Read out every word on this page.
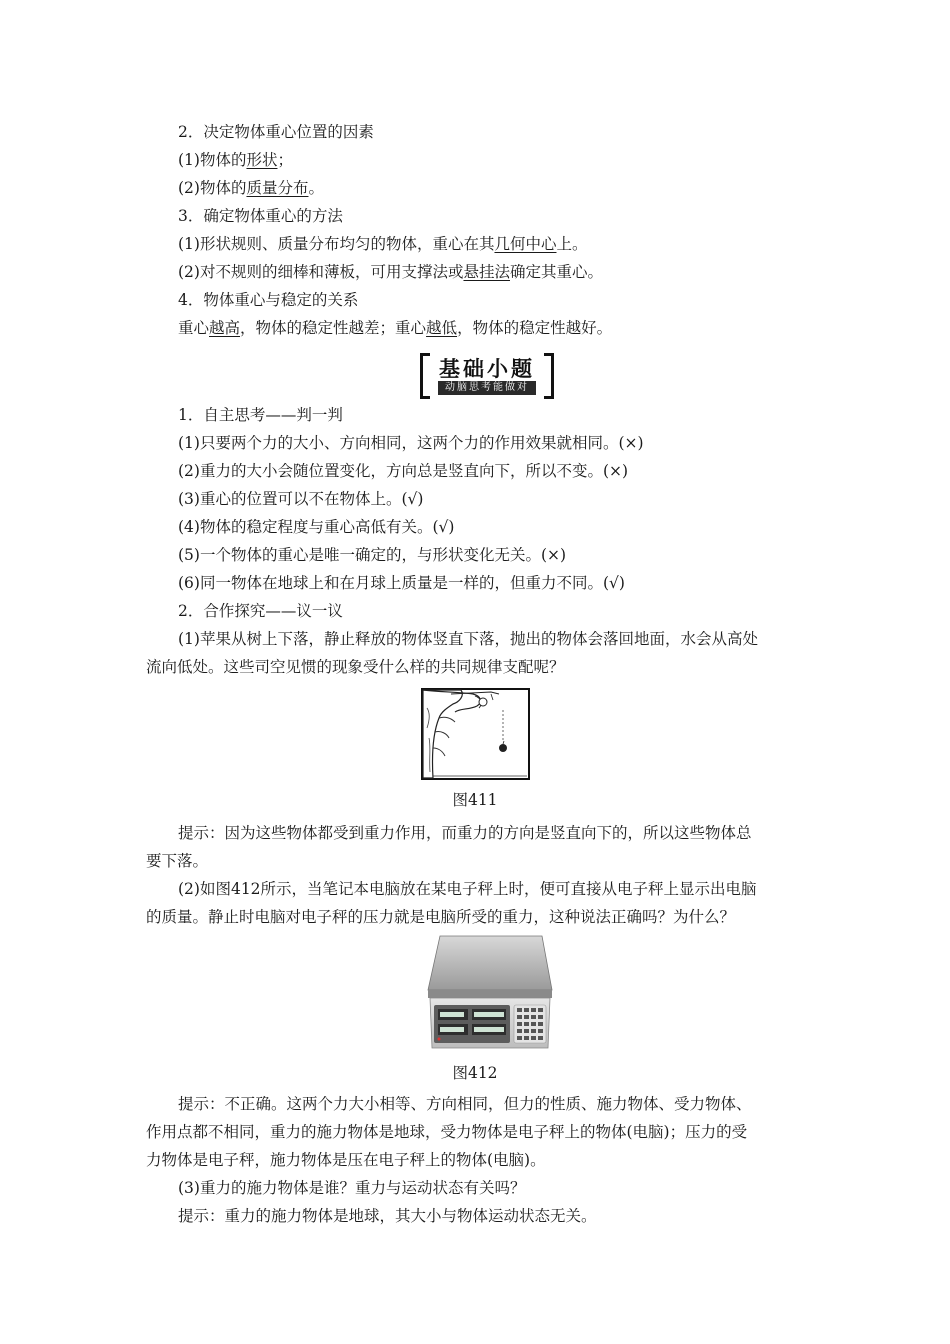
2．决定物体重心位置的因素
(1)物体的形状；
(2)物体的质量分布。
3．确定物体重心的方法
(1)形状规则、质量分布均匀的物体，重心在其几何中心上。
(2)对不规则的细棒和薄板，可用支撑法或悬挂法确定其重心。
4．物体重心与稳定的关系
重心越高，物体的稳定性越差；重心越低，物体的稳定性越好。
基础小题
动脑思考能做对
1．自主思考——判一判
(1)只要两个力的大小、方向相同，这两个力的作用效果就相同。(×)
(2)重力的大小会随位置变化，方向总是竖直向下，所以不变。(×)
(3)重心的位置可以不在物体上。(√)
(4)物体的稳定程度与重心高低有关。(√)
(5)一个物体的重心是唯一确定的，与形状变化无关。(×)
(6)同一物体在地球上和在月球上质量是一样的，但重力不同。(√)
2．合作探究——议一议
(1)苹果从树上下落，静止释放的物体竖直下落，抛出的物体会落回地面，水会从高处
流向低处。这些司空见惯的现象受什么样的共同规律支配呢？
图411
提示：因为这些物体都受到重力作用，而重力的方向是竖直向下的，所以这些物体总
要下落。
(2)如图412所示，当笔记本电脑放在某电子秤上时，便可直接从电子秤上显示出电脑
的质量。静止时电脑对电子秤的压力就是电脑所受的重力，这种说法正确吗？为什么？
图412
提示：不正确。这两个力大小相等、方向相同，但力的性质、施力物体、受力物体、
作用点都不相同，重力的施力物体是地球，受力物体是电子秤上的物体(电脑)；压力的受
力物体是电子秤，施力物体是压在电子秤上的物体(电脑)。
(3)重力的施力物体是谁？重力与运动状态有关吗？
提示：重力的施力物体是地球，其大小与物体运动状态无关。
